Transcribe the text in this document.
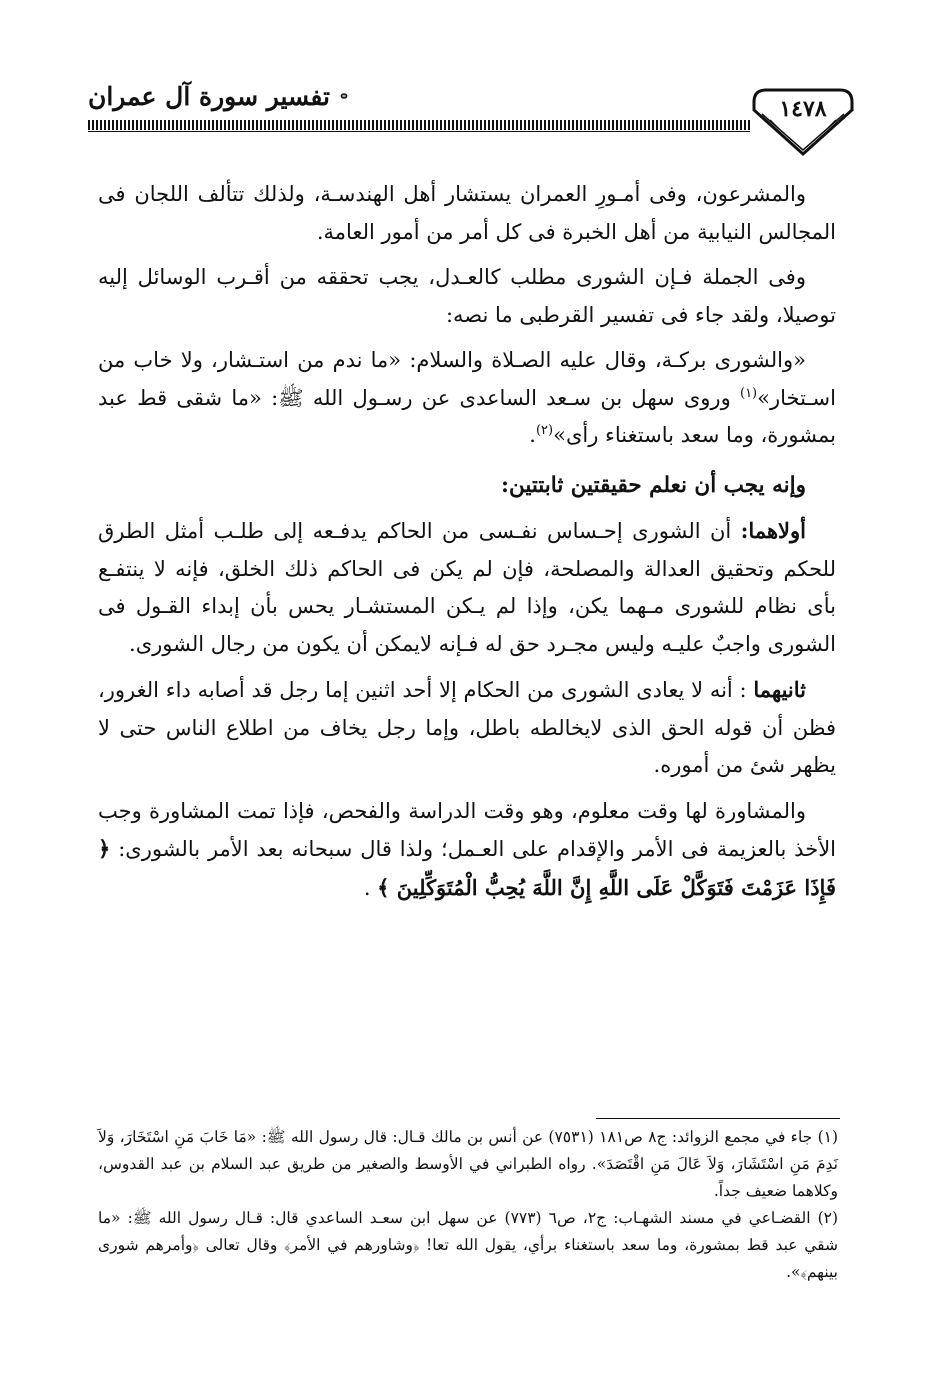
تفسير سورة آل عمران	١٤٧٨

والمشرعون، وفى أمـورِ العمران يستشار أهل الهندسـة، ولذلك تتألف اللجان فى المجالس النيابية من أهل الخبرة فى كل أمر من أمور العامة.

وفى الجملة فـإن الشورى مطلب كالعـدل، يجب تحققه من أقـرب الوسائل إليه توصيلا، ولقد جاء فى تفسير القرطبى ما نصه:

«والشورى بركـة، وقال عليه الصـلاة والسلام: «ما ندم من استـشار، ولا خاب من اسـتخار»$^{(١)}$ وروى سهل بن سـعد الساعدى عن رسـول الله ﷺ: «ما شقى قط عبد بمشورة، وما سعد باستغناء رأى»$^{(٢)}$.

وإنه يجب أن نعلم حقيقتين ثابتتين:

أولاهما: أن الشورى إحـساس نفـسى من الحاكم يدفـعه إلى طلـب أمثل الطرق للحكم وتحقيق العدالة والمصلحة، فإن لم يكن فى الحاكم ذلك الخلق، فإنه لا ينتفـع بأى نظام للشورى مـهما يكن، وإذا لم يـكن المستشـار يحس بأن إبداء القـول فى الشورى واجبٌ عليـه وليس مجـرد حق له فـإنه لايمكن أن يكون من رجال الشورى.

ثانيهما : أنه لا يعادى الشورى من الحكام إلا أحد اثنين إما رجل قد أصابه داء الغرور، فظن أن قوله الحق الذى لايخالطه باطل، وإما رجل يخاف من اطلاع الناس حتى لا يظهر شئ من أموره.

والمشاورة لها وقت معلوم، وهو وقت الدراسة والفحص، فإذا تمت المشاورة وجب الأخذ بالعزيمة فى الأمر والإقدام على العـمل؛ ولذا قال سبحانه بعد الأمر بالشورى: ﴿ فَإِذَا عَزَمْتَ فَتَوَكَّلْ عَلَى اللَّهِ إِنَّ اللَّهَ يُحِبُّ الْمُتَوَكِّلِينَ ﴾ .

(١) جاء في مجمع الزوائد: ج٨ ص١٨١ (٧٥٣١) عن أنس بن مالك قـال: قال رسول الله ﷺ: «مَا خَابَ مَنِ اسْتَخَارَ، وَلاَ نَدِمَ مَنِ اسْتَشَارَ، وَلاَ عَالَ مَنِ اقْتَصَدَ». رواه الطبراني في الأوسط والصغير من طريق عبد السلام بن عبد القدوس، وكلاهما ضعيف جداً.

(٢) القضـاعي في مسند الشهـاب: ج٢، ص٦ (٧٧٣) عن سهل ابن سعـد الساعدي قال: قـال رسول الله ﷺ: «ما شقي عبد قط بمشورة، وما سعد باستغناء برأي، يقول الله تعا! ﴿وشاورهم في الأمر﴾ وقال تعالى ﴿وأمرهم شورى بينهم﴾».
